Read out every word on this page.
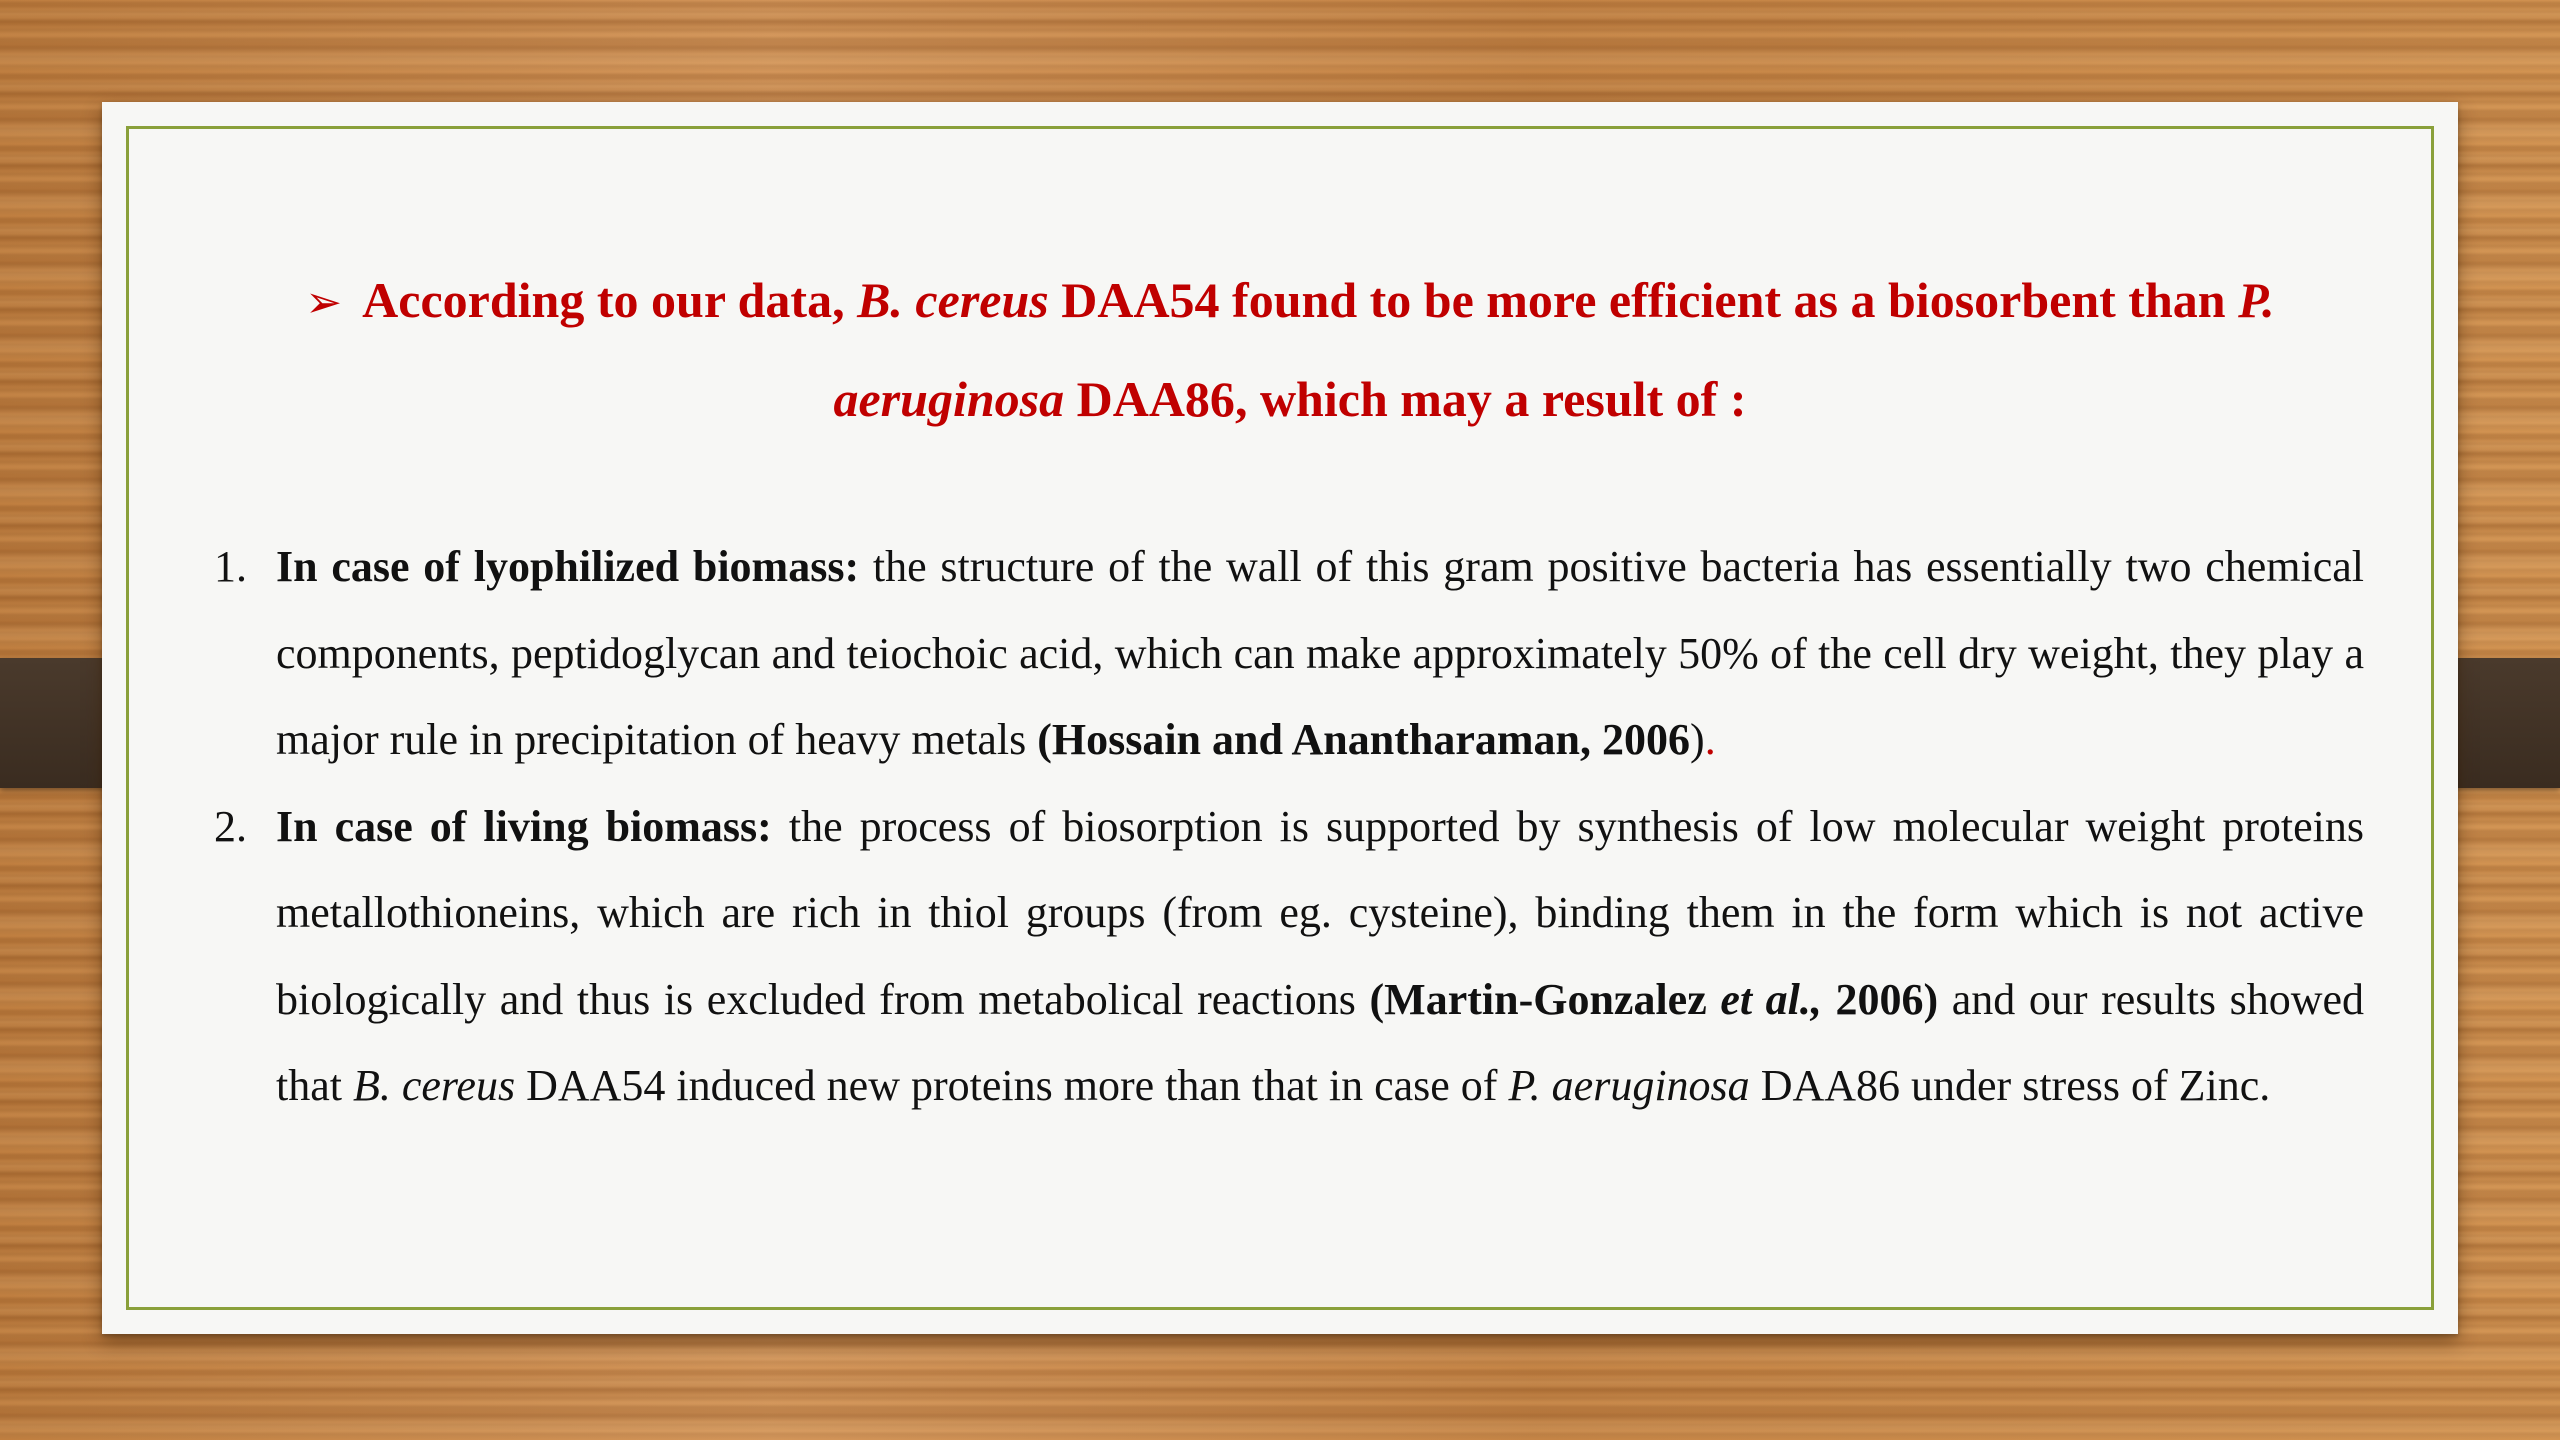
➢ According to our data, B. cereus DAA54 found to be more efficient as a biosorbent than P. aeruginosa DAA86, which may a result of :
1. In case of lyophilized biomass: the structure of the wall of this gram positive bacteria has essentially two chemical components, peptidoglycan and teiochoic acid, which can make approximately 50% of the cell dry weight, they play a major rule in precipitation of heavy metals (Hossain and Anantharaman, 2006).
2. In case of living biomass: the process of biosorption is supported by synthesis of low molecular weight proteins metallothioneins, which are rich in thiol groups (from eg. cysteine), binding them in the form which is not active biologically and thus is excluded from metabolical reactions (Martin-Gonzalez et al., 2006) and our results showed that B. cereus DAA54 induced new proteins more than that in case of P. aeruginosa DAA86 under stress of Zinc.
